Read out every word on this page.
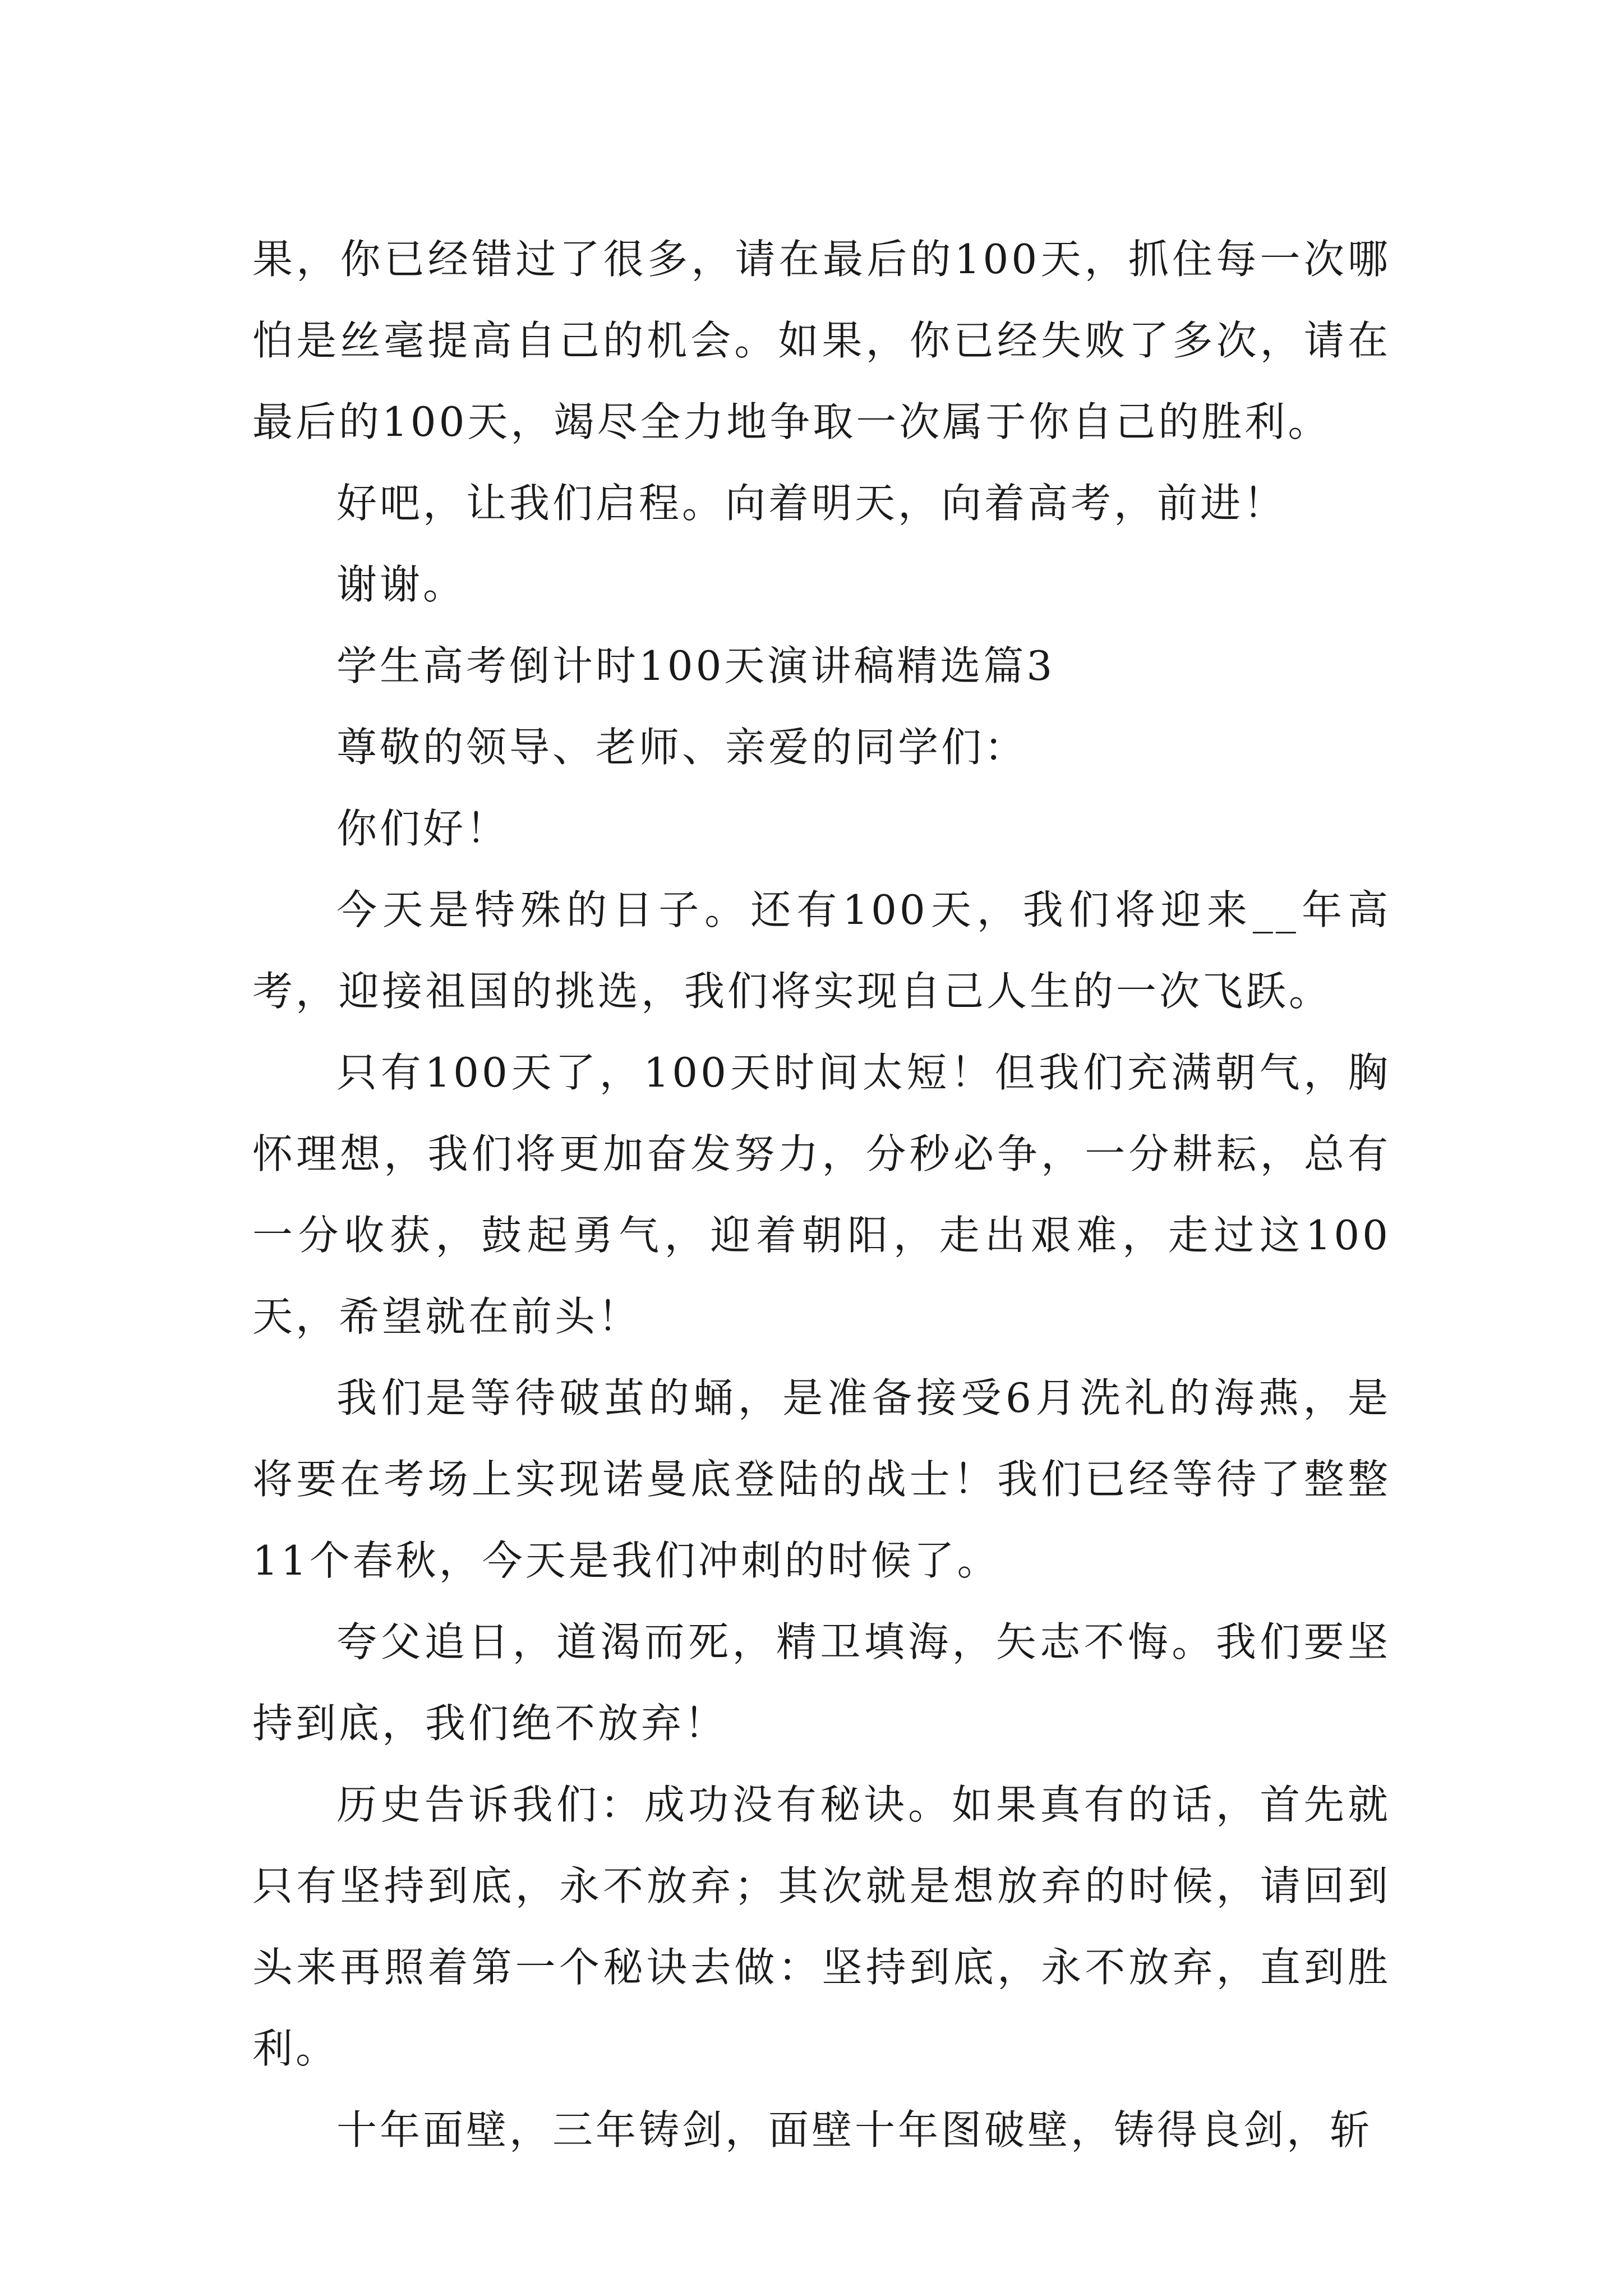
果，你已经错过了很多，请在最后的100天，抓住每一次哪怕是丝毫提高自己的机会。如果，你已经失败了多次，请在最后的100天，竭尽全力地争取一次属于你自己的胜利。

好吧，让我们启程。向着明天，向着高考，前进！

谢谢。

学生高考倒计时100天演讲稿精选篇3

尊敬的领导、老师、亲爱的同学们：

你们好！

今天是特殊的日子。还有100天，我们将迎来__年高考，迎接祖国的挑选，我们将实现自己人生的一次飞跃。

只有100天了，100天时间太短！但我们充满朝气，胸怀理想，我们将更加奋发努力，分秒必争，一分耕耘，总有一分收获，鼓起勇气，迎着朝阳，走出艰难，走过这100天，希望就在前头！

我们是等待破茧的蛹，是准备接受6月洗礼的海燕，是将要在考场上实现诺曼底登陆的战士！我们已经等待了整整11个春秋，今天是我们冲刺的时候了。

夸父追日，道渴而死，精卫填海，矢志不悔。我们要坚持到底，我们绝不放弃！

历史告诉我们：成功没有秘诀。如果真有的话，首先就只有坚持到底，永不放弃；其次就是想放弃的时候，请回到头来再照着第一个秘诀去做：坚持到底，永不放弃，直到胜利。

十年面壁，三年铸剑，面壁十年图破壁，铸得良剑，斩
